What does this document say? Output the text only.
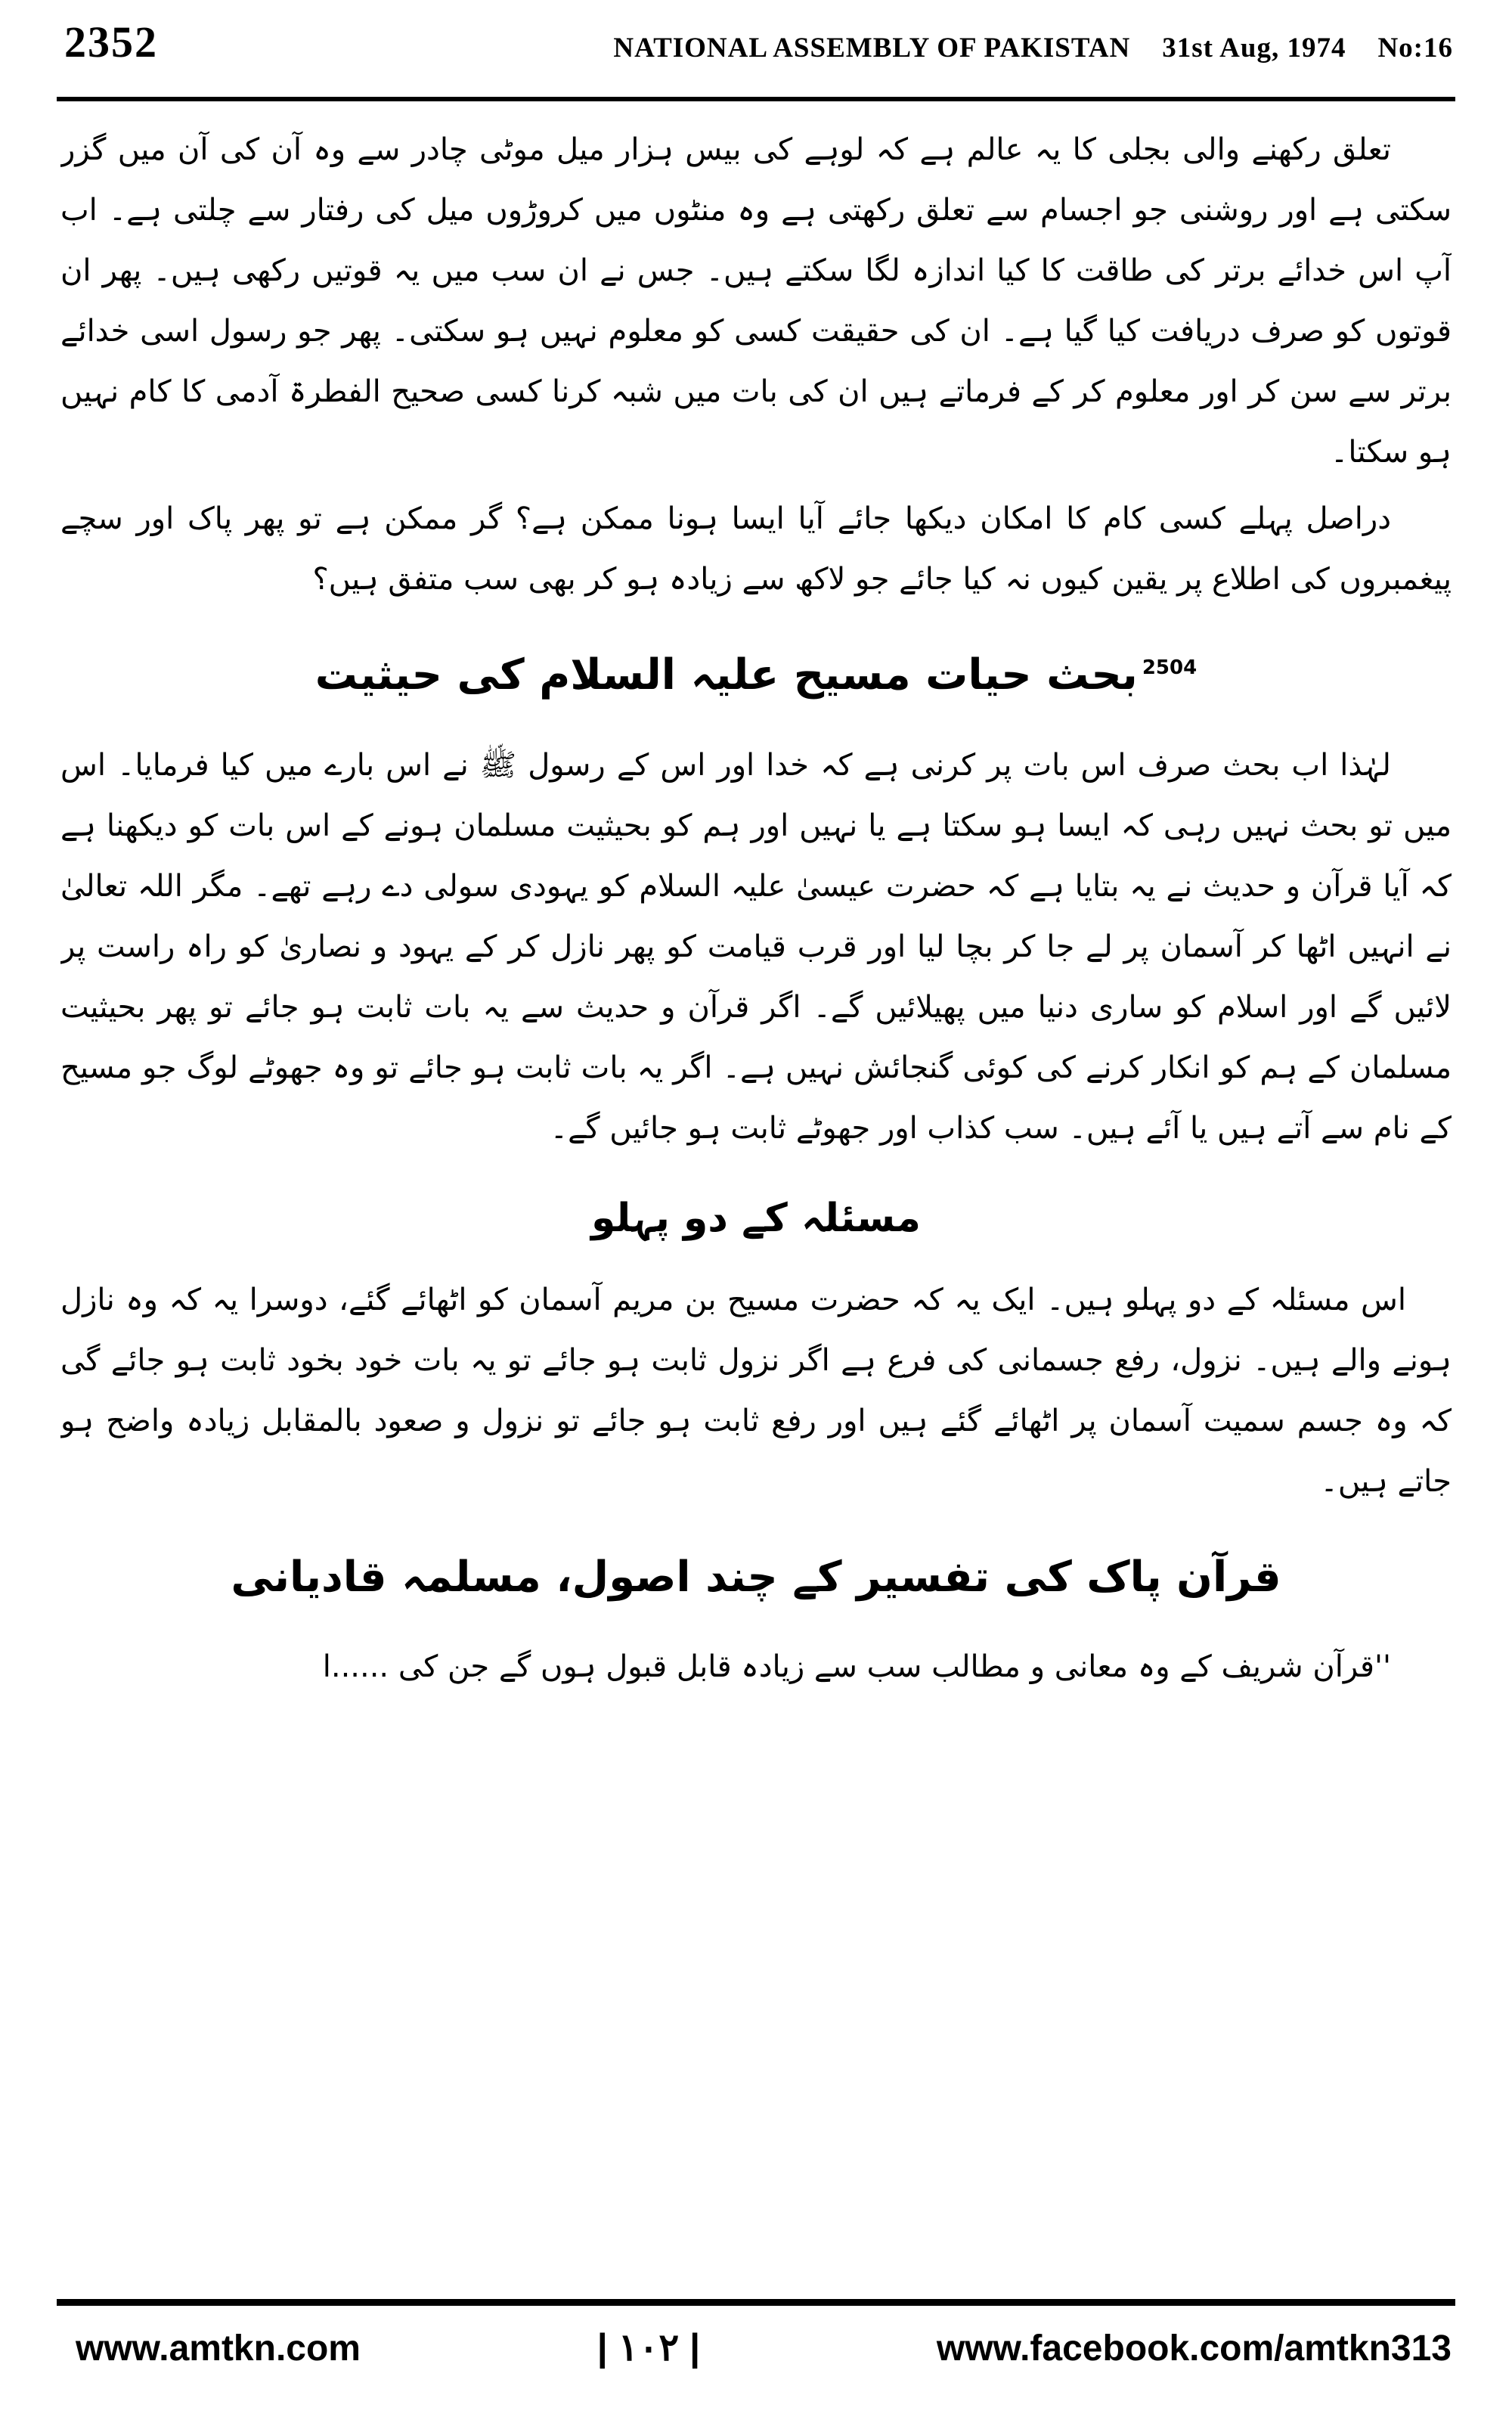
2352	NATIONAL ASSEMBLY OF PAKISTAN 31st Aug, 1974 No:16

تعلق رکھنے والی بجلی کا یہ عالم ہے کہ لوہے کی بیس ہزار میل موٹی چادر سے وہ آن کی آن میں گزر سکتی ہے اور روشنی جو اجسام سے تعلق رکھتی ہے وہ منٹوں میں کروڑوں میل کی رفتار سے چلتی ہے۔ اب آپ اس خدائے برتر کی طاقت کا کیا اندازہ لگا سکتے ہیں۔ جس نے ان سب میں یہ قوتیں رکھی ہیں۔ پھر ان قوتوں کو صرف دریافت کیا گیا ہے۔ ان کی حقیقت کسی کو معلوم نہیں ہو سکتی۔ پھر جو رسول اسی خدائے برتر سے سن کر اور معلوم کر کے فرماتے ہیں ان کی بات میں شبہ کرنا کسی صحیح الفطرۃ آدمی کا کام نہیں ہو سکتا۔

دراصل پہلے کسی کام کا امکان دیکھا جائے آیا ایسا ہونا ممکن ہے؟ گر ممکن ہے تو پھر پاک اور سچے پیغمبروں کی اطلاع پر یقین کیوں نہ کیا جائے جو لاکھ سے زیادہ ہو کر بھی سب متفق ہیں؟

$^{2504}$بحث حیات مسیح علیہ السلام کی حیثیت

لہٰذا اب بحث صرف اس بات پر کرنی ہے کہ خدا اور اس کے رسول ﷺ نے اس بارے میں کیا فرمایا۔ اس میں تو بحث نہیں رہی کہ ایسا ہو سکتا ہے یا نہیں اور ہم کو بحیثیت مسلمان ہونے کے اس بات کو دیکھنا ہے کہ آیا قرآن و حدیث نے یہ بتایا ہے کہ حضرت عیسیٰ علیہ السلام کو یہودی سولی دے رہے تھے۔ مگر اللہ تعالیٰ نے انہیں اٹھا کر آسمان پر لے جا کر بچا لیا اور قرب قیامت کو پھر نازل کر کے یہود و نصاریٰ کو راہ راست پر لائیں گے اور اسلام کو ساری دنیا میں پھیلائیں گے۔ اگر قرآن و حدیث سے یہ بات ثابت ہو جائے تو پھر بحیثیت مسلمان کے ہم کو انکار کرنے کی کوئی گنجائش نہیں ہے۔ اگر یہ بات ثابت ہو جائے تو وہ جھوٹے لوگ جو مسیح کے نام سے آتے ہیں یا آئے ہیں۔ سب کذاب اور جھوٹے ثابت ہو جائیں گے۔

مسئلہ کے دو پہلو

اس مسئلہ کے دو پہلو ہیں۔ ایک یہ کہ حضرت مسیح بن مریم آسمان کو اٹھائے گئے، دوسرا یہ کہ وہ نازل ہونے والے ہیں۔ نزول، رفع جسمانی کی فرع ہے اگر نزول ثابت ہو جائے تو یہ بات خود بخود ثابت ہو جائے گی کہ وہ جسم سمیت آسمان پر اٹھائے گئے ہیں اور رفع ثابت ہو جائے تو نزول و صعود بالمقابل زیادہ واضح ہو جاتے ہیں۔

قرآن پاک کی تفسیر کے چند اصول، مسلمہ قادیانی

''قرآن شریف کے وہ معانی و مطالب سب سے زیادہ قابل قبول ہوں گے جن کی ......ا

www.amtkn.com	| ۱۰۲ |	www.facebook.com/amtkn313
